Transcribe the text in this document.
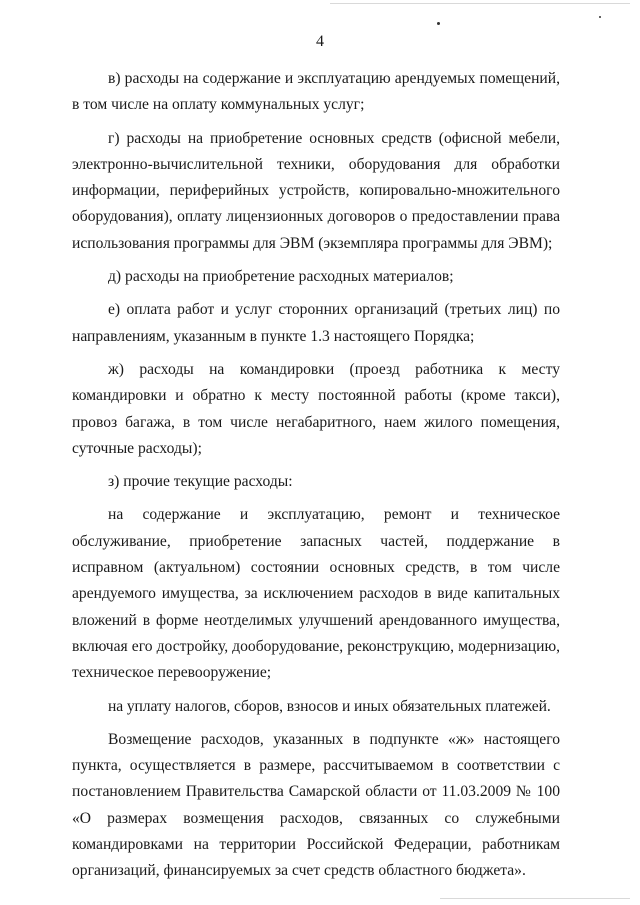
4

в) расходы на содержание и эксплуатацию арендуемых помещений, в том числе на оплату коммунальных услуг;

г) расходы на приобретение основных средств (офисной мебели, электронно-вычислительной техники, оборудования для обработки информации, периферийных устройств, копировально-множительного оборудования), оплату лицензионных договоров о предоставлении права использования программы для ЭВМ (экземпляра программы для ЭВМ);

д) расходы на приобретение расходных материалов;

е) оплата работ и услуг сторонних организаций (третьих лиц) по направлениям, указанным в пункте 1.3 настоящего Порядка;

ж) расходы на командировки (проезд работника к месту командировки и обратно к месту постоянной работы (кроме такси), провоз багажа, в том числе негабаритного, наем жилого помещения, суточные расходы);

з) прочие текущие расходы:

на содержание и эксплуатацию, ремонт и техническое обслуживание, приобретение запасных частей, поддержание в исправном (актуальном) состоянии основных средств, в том числе арендуемого имущества, за исключением расходов в виде капитальных вложений в форме неотделимых улучшений арендованного имущества, включая его достройку, дооборудование, реконструкцию, модернизацию, техническое перевооружение;

на уплату налогов, сборов, взносов и иных обязательных платежей.

Возмещение расходов, указанных в подпункте «ж» настоящего пункта, осуществляется в размере, рассчитываемом в соответствии с постановлением Правительства Самарской области от 11.03.2009 № 100 «О размерах возмещения расходов, связанных со служебными командировками на территории Российской Федерации, работникам организаций, финансируемых за счет средств областного бюджета».
